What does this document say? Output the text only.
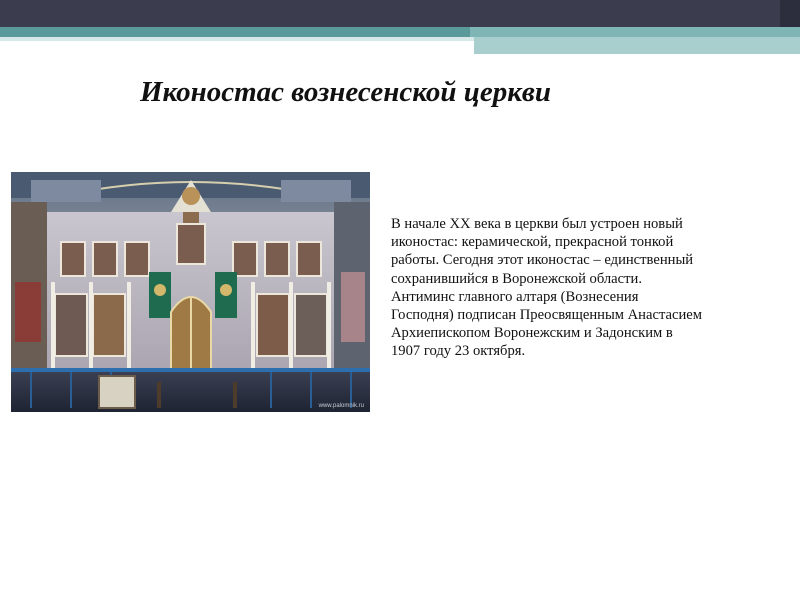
Иконостас вознесенской церкви
www.palomnik.ru
В начале XX века в церкви был устроен новый
иконостас: керамической, прекрасной тонкой
работы. Сегодня этот иконостас – единственный
сохранившийся в Воронежской области.
Антиминс главного алтаря (Вознесения
Господня) подписан Преосвященным Анастасием
Архиепископом Воронежским и Задонским в
1907 году 23 октября.
